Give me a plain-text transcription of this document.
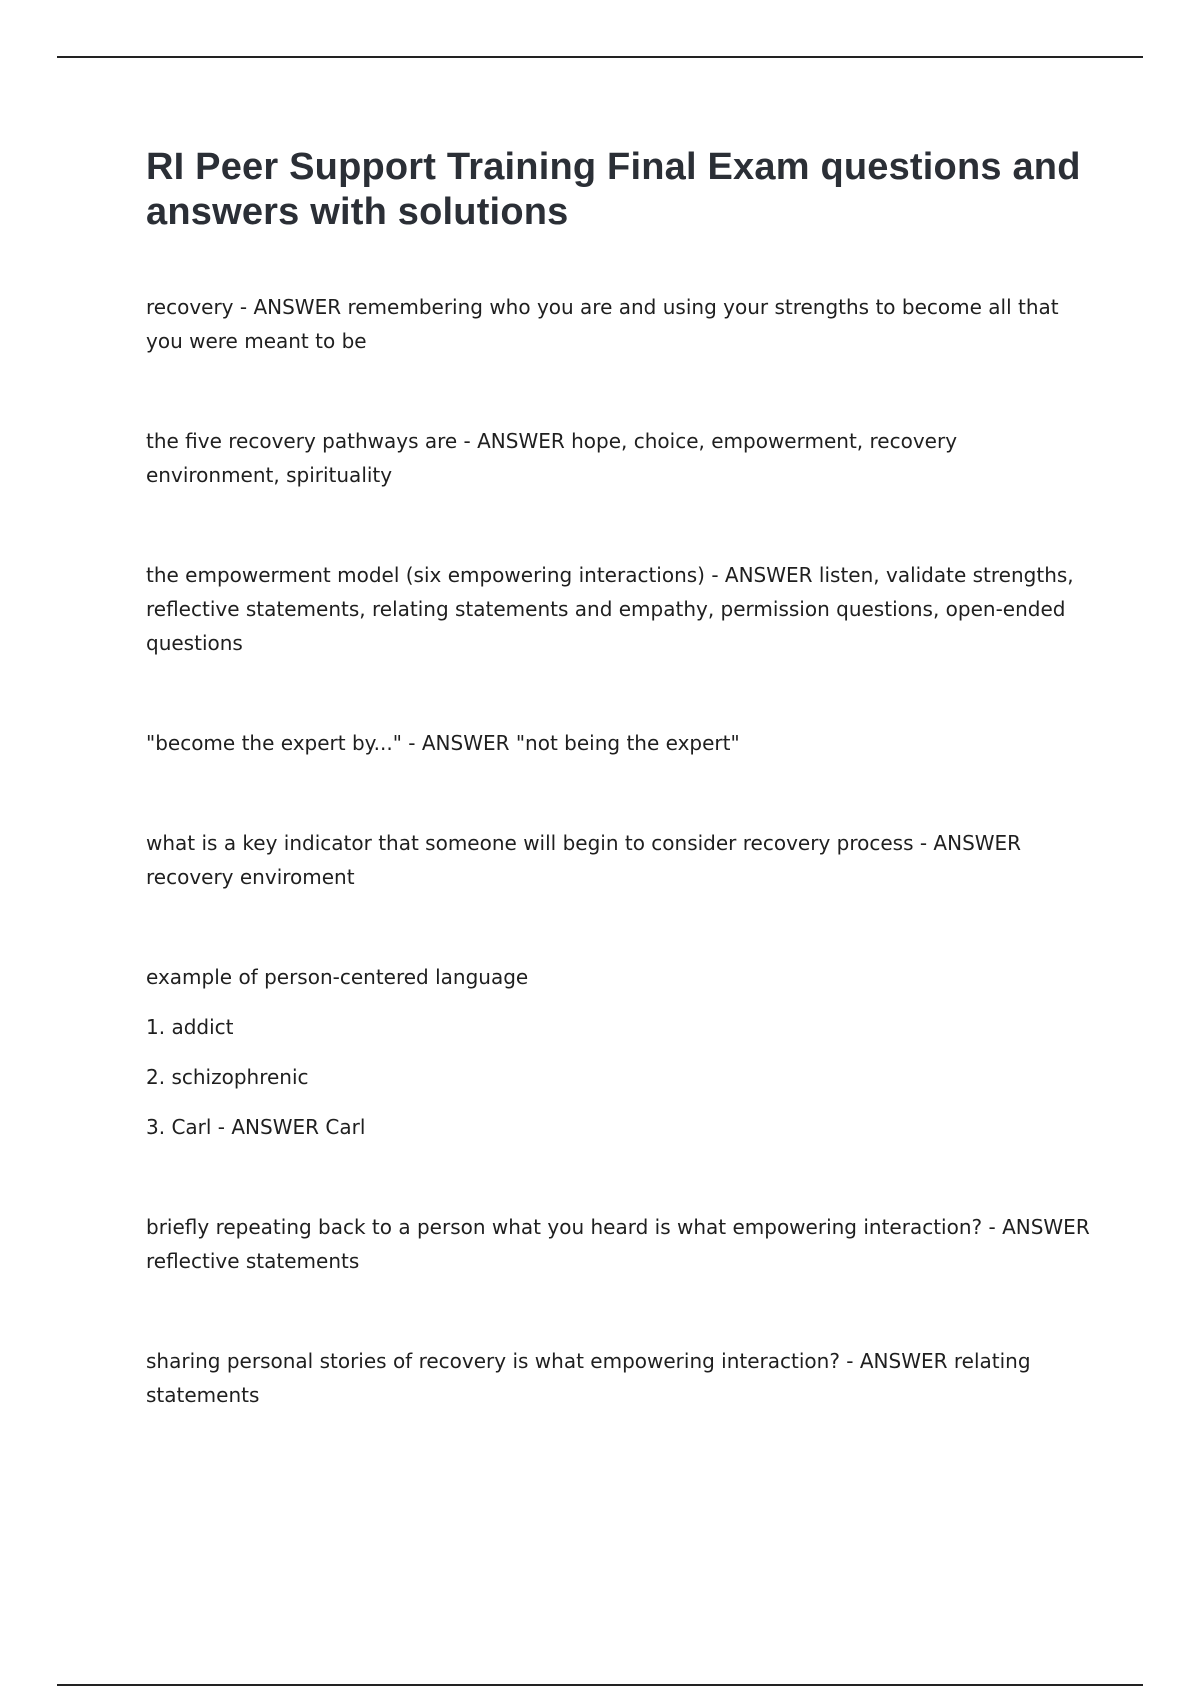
RI Peer Support Training Final Exam questions and answers with solutions

recovery - ANSWER remembering who you are and using your strengths to become all that you were meant to be

the five recovery pathways are - ANSWER hope, choice, empowerment, recovery environment, spirituality

the empowerment model (six empowering interactions) - ANSWER listen, validate strengths, reflective statements, relating statements and empathy, permission questions, open-ended questions

"become the expert by..." - ANSWER "not being the expert"

what is a key indicator that someone will begin to consider recovery process - ANSWER recovery enviroment

example of person-centered language
1. addict
2. schizophrenic
3. Carl - ANSWER Carl

briefly repeating back to a person what you heard is what empowering interaction? - ANSWER reflective statements

sharing personal stories of recovery is what empowering interaction? - ANSWER relating statements
